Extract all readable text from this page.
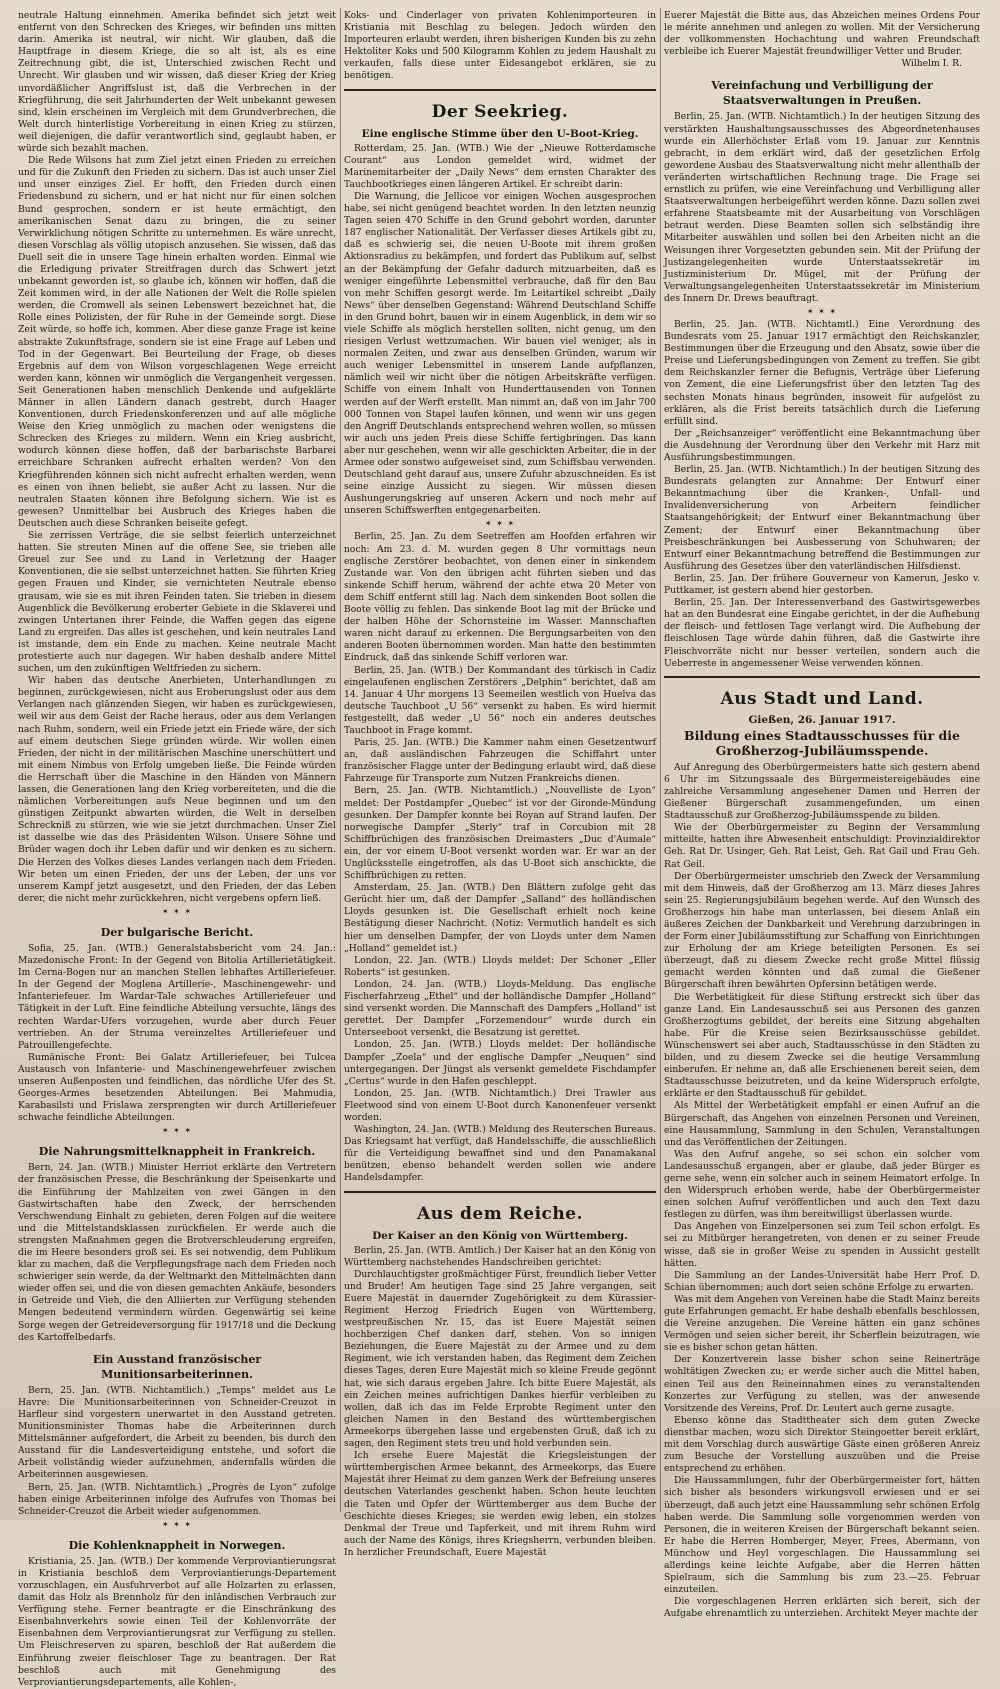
neutrale Haltung einnehmen. Amerika befindet sich jetzt weit entfernt von den Schrecken des Krieges, wir befinden uns mitten darin. Amerika ist neutral, wir nicht. Wir glauben, daß die Hauptfrage in diesem Kriege, die so alt ist, als es eine Zeitrechnung gibt, die ist, Unterschied zwischen Recht und Unrecht. Wir glauben und wir wissen, daß dieser Krieg der Krieg unvordäßlicher Angriffslust ist, daß die Verbrechen in der Kriegführung, die seit Jahrhunderten der Welt unbekannt gewesen sind, klein erscheinen im Vergleich mit dem Grundverbrechen, die Welt durch hinterlistige Vorbereitung in einen Krieg zu stürzen, weil diejenigen, die dafür verantwortlich sind, geglaubt haben, er würde sich bezahlt machen.

Die Rede Wilsons hat zum Ziel jetzt einen Frieden zu erreichen und für die Zukunft den Frieden zu sichern. Das ist auch unser Ziel und unser einziges Ziel. Er hofft, den Frieden durch einen Friedensbund zu sichern, und er hat nicht nur für einen solchen Bund gesprochen, sondern er ist heute ermächtigt, den amerikanischen Senat dazu zu bringen, die zu seiner Verwirklichung nötigen Schritte zu unternehmen. Es wäre unrecht, diesen Vorschlag als völlig utopisch anzusehen. Sie wissen, daß das Duell seit die in unsere Tage hinein erhalten worden. Einmal wie die Erledigung privater Streitfragen durch das Schwert jetzt unbekannt geworden ist, so glaube ich, können wir hoffen, daß die Zeit kommen wird, in der alle Nationen der Welt die Rolle spielen werden, die Cromwell als seinen Lebenswert bezeichnet hat, die Rolle eines Polizisten, der für Ruhe in der Gemeinde sorgt. Diese Zeit würde, so hoffe ich, kommen. Aber diese ganze Frage ist keine abstrakte Zukunftsfrage, sondern sie ist eine Frage auf Leben und Tod in der Gegenwart. Bei Beurteilung der Frage, ob dieses Ergebnis auf dem von Wilson vorgeschlagenen Wege erreicht werden kann, können wir unmöglich die Vergangenheit vergessen. Seit Generationen haben menschlich Denkende und aufgeklärte Männer in allen Ländern danach gestrebt, durch Haager Konventionen, durch Friedenskonferenzen und auf alle mögliche Weise den Krieg unmöglich zu machen oder wenigstens die Schrecken des Krieges zu mildern. Wenn ein Krieg ausbricht, wodurch können diese hoffen, daß der barbarischste Barbarei erreichbare Schranken aufrecht erhalten werden? Von den Kriegführenden können sich nicht aufrecht erhalten werden, wenn es einen von ihnen beliebt, sie außer Acht zu lassen. Nur die neutralen Staaten können ihre Befolgung sichern. Wie ist es gewesen? Unmittelbar bei Ausbruch des Krieges haben die Deutschen auch diese Schranken beiseite gefegt.

Sie zerrissen Verträge, die sie selbst feierlich unterzeichnet hatten. Sie streuten Minen auf die offene See, sie trieben alle Greuel zur See und zu Land in Verletzung der Haager Konventionen, die sie selbst unterzeichnet hatten. Sie führten Krieg gegen Frauen und Kinder, sie vernichteten Neutrale ebenso grausam, wie sie es mit ihren Feinden taten. Sie trieben in diesem Augenblick die Bevölkerung eroberter Gebiete in die Sklaverei und zwingen Untertanen ihrer Feinde, die Waffen gegen das eigene Land zu ergreifen. Das alles ist geschehen, und kein neutrales Land ist imstande, dem ein Ende zu machen. Keine neutrale Macht protestierte auch nur dagegen. Wir haben deshalb andere Mittel suchen, um den zukünftigen Weltfrieden zu sichern.

Wir haben das deutsche Anerbieten, Unterhandlungen zu beginnen, zurückgewiesen, nicht aus Eroberungslust oder aus dem Verlangen nach glänzenden Siegen, wir haben es zurückgewiesen, weil wir aus dem Geist der Rache heraus, oder aus dem Verlangen nach Ruhm, sondern, weil ein Friede jetzt ein Friede wäre, der sich auf einem deutschen Siege gründen würde. Wir wollen einen Frieden, der nicht in der militärischen Maschine unerschüttert und mit einem Nimbus von Erfolg umgeben ließe. Die Feinde würden die Herrschaft über die Maschine in den Händen von Männern lassen, die Generationen lang den Krieg vorbereiteten, und die die nämlichen Vorbereitungen aufs Neue beginnen und um den günstigen Zeitpunkt abwarten würden, die Welt in derselben Schreckniß zu stürzen, wie wie sie jetzt durchmachen. Unser Ziel ist dasselbe wie das des Präsidenten Wilson. Unsere Söhne und Brüder wagen doch ihr Leben dafür und wir denken es zu sichern. Die Herzen des Volkes dieses Landes verlangen nach dem Frieden. Wir beten um einen Frieden, der uns der Leben, der uns vor unserem Kampf jetzt ausgesetzt, und den Frieden, der das Leben derer, die nicht mehr zurückkehren, nicht vergebens opfern ließ.

✶ ✶ ✶
Der bulgarische Bericht.

Sofia, 25. Jan. (WTB.) Generalstabsbericht vom 24. Jan.: Mazedonische Front: In der Gegend von Bitolia Artillerietätigkeit. Im Cerna-Bogen nur an manchen Stellen lebhaftes Artilleriefeuer. In der Gegend der Moglena Artillerie-, Maschinengewehr- und Infanteriefeuer. Im Wardar-Tale schwaches Artilleriefeuer und Tätigkeit in der Luft. Eine feindliche Abteilung versuchte, längs des rechten Wardar-Ufers vorzugehen, wurde aber durch Feuer vertrieben. An der Struma vereinzeltes Artilleriefeuer und Patrouillengefechte.

Rumänische Front: Bei Galatz Artilleriefeuer, bei Tulcea Austausch von Infanterie- und Maschinengewehrfeuer zwischen unseren Außenposten und feindlichen, das nördliche Ufer des St. Georges-Armes besetzenden Abteilungen. Bei Mahmudia, Karabasilsti und Frislawa zersprengten wir durch Artilleriefeuer schwache feindliche Abteilungen.

✶ ✶ ✶
Die Nahrungsmittelknappheit in Frankreich.

Bern, 24. Jan. (WTB.) Minister Herriot erklärte den Vertretern der französischen Presse, die Beschränkung der Speisenkarte und die Einführung der Mahlzeiten von zwei Gängen in den Gastwirtschaften habe den Zweck, der herrschenden Verschwendung Einhalt zu gebieten, deren Folgen auf die weitere und die Mittelstandsklassen zurückfielen. Er werde auch die strengsten Maßnahmen gegen die Brotverschleuderung ergreifen, die im Heere besonders groß sei. Es sei notwendig, dem Publikum klar zu machen, daß die Verpflegungsfrage nach dem Frieden noch schwieriger sein werde, da der Weltmarkt den Mittelmächten dann wieder offen sei, und die von diesen gemachten Ankäufe, besonders in Getreide und Vieh, die den Alliierten zur Verfügung stehenden Mengen bedeutend vermindern würden. Gegenwärtig sei keine Sorge wegen der Getreideversorgung für 1917/18 und die Deckung des Kartoffelbedarfs.

Ein Ausstand französischer Munitionsarbeiterinnen.

Bern, 25. Jan. (WTB. Nichtamtlich.) „Temps“ meldet aus Le Havre: Die Munitionsarbeiterinnen von Schneider-Creuzot in Harfleur sind vorgestern unerwartet in den Ausstand getreten. Munitionsminister Thomas habe die Arbeiterinnen durch Mittelsmänner aufgefordert, die Arbeit zu beenden, bis durch den Ausstand für die Landesverteidigung entstehe, und sofort die Arbeit vollständig wieder aufzunehmen, andernfalls würden die Arbeiterinnen ausgewiesen.

Bern, 25. Jan. (WTB. Nichtamtlich.) „Progrès de Lyon“ zufolge haben einige Arbeiterinnen infolge des Aufrufes von Thomas bei Schneider-Creuzot die Arbeit wieder aufgenommen.

✶ ✶ ✶
Die Kohlenknappheit in Norwegen.

Kristiania, 25. Jan. (WTB.) Der kommende Verproviantierungsrat in Kristiania beschloß dem Verproviantierungs-Departement vorzuschlagen, ein Ausfuhrverbot auf alle Holzarten zu erlassen, damit das Holz als Brennholz für den inländischen Verbrauch zur Verfügung stehe. Ferner beantragte er die Einschränkung des Eisenbahnverkehrs sowie einen Teil der Kohlenvorräte der Eisenbahnen dem Verproviantierungsrat zur Verfügung zu stellen. Um Fleischreserven zu sparen, beschloß der Rat außerdem die Einführung zweier fleischloser Tage zu beantragen. Der Rat beschloß auch mit Genehmigung des Verproviantierungsdepartements, alle Kohlen-,

Koks- und Cinderlager von privaten Kohlenimporteuren in Kristiania mit Beschlag zu belegen. Jedoch würden den Importeuren erlaubt werden, ihren bisherigen Kunden bis zu zehn Hektoliter Koks und 500 Kilogramm Kohlen zu jedem Haushalt zu verkaufen, falls diese unter Eidesangebot erklären, sie zu benötigen.

Der Seekrieg.
Eine englische Stimme über den U-Boot-Krieg.

Rotterdam, 25. Jan. (WTB.) Wie der „Nieuwe Rotterdamsche Courant“ aus London gemeldet wird, widmet der Marinemitarbeiter der „Daily News“ dem ernsten Charakter des Tauchbootkrieges einen längeren Artikel. Er schreibt darin:

Die Warnung, die Jellicoe vor einigen Wochen ausgesprochen habe, sei nicht genügend beachtet worden. In den letzten neunzig Tagen seien 470 Schiffe in den Grund gebohrt worden, darunter 187 englischer Nationalität. Der Verfasser dieses Artikels gibt zu, daß es schwierig sei, die neuen U-Boote mit ihrem großen Aktionsradius zu bekämpfen, und fordert das Publikum auf, selbst an der Bekämpfung der Gefahr dadurch mitzuarbeiten, daß es weniger eingeführte Lebensmittel verbrauche, daß für den Bau von mehr Schiffen gesorgt werde. Im Leitartikel schreibt „Daily News“ über denselben Gegenstand: Während Deutschland Schiffe in den Grund bohrt, bauen wir in einem Augenblick, in dem wir so viele Schiffe als möglich herstellen sollten, nicht genug, um den riesigen Verlust wettzumachen. Wir bauen viel weniger, als in normalen Zeiten, und zwar aus denselben Gründen, warum wir auch weniger Lebensmittel in unserem Lande aufpflanzen, nämlich weil wir nicht über die nötigen Arbeitskräfte verfügen. Schiffe von einem Inhalt von Hunderttausenden von Tonnen werden auf der Werft erstellt. Man nimmt an, daß von im Jahr 700 000 Tonnen von Stapel laufen können, und wenn wir uns gegen den Angriff Deutschlands entsprechend wehren wollen, so müssen wir auch uns jeden Preis diese Schiffe fertigbringen. Das kann aber nur geschehen, wenn wir alle geschickten Arbeiter, die in der Armee oder sonstwo aufgeweiset sind, zum Schiffsbau verwenden. Deutschland geht darauf aus, unsere Zufuhr abzuschneiden. Es ist seine einzige Aussicht zu siegen. Wir müssen diesen Aushungerungskrieg auf unseren Ackern und noch mehr auf unseren Schiffswerften entgegenarbeiten.

✶ ✶ ✶

Berlin, 25. Jan. Zu dem Seetreffen am Hoofden erfahren wir noch: Am 23. d. M. wurden gegen 8 Uhr vormittags neun englische Zerstörer beobachtet, von denen einer in sinkendem Zustande war. Von den übrigen acht führten sieben und das sinkende Schiff herum, während der achte etwa 20 Meter von dem Schiff entfernt still lag. Nach dem sinkenden Boot sollen die Boote völlig zu fehlen. Das sinkende Boot lag mit der Brücke und der halben Höhe der Schornsteine im Wasser. Mannschaften waren nicht darauf zu erkennen. Die Bergungsarbeiten von den anderen Booten übernommen worden. Man hatte den bestimmten Eindruck, daß das sinkende Schiff verloren war.

Berlin, 25. Jan. (WTB.) Der Kommandant des türkisch in Cadiz eingelaufenen englischen Zerstörers „Delphin“ berichtet, daß am 14. Januar 4 Uhr morgens 13 Seemeilen westlich von Huelva das deutsche Tauchboot „U 56“ versenkt zu haben. Es wird hiermit festgestellt, daß weder „U 56“ noch ein anderes deutsches Tauchboot in Frage kommt.

Paris, 25. Jan. (WTB.) Die Kammer nahm einen Gesetzentwurf an, daß ausländischen Fahrzeugen die Schiffahrt unter französischer Flagge unter der Bedingung erlaubt wird, daß diese Fahrzeuge für Transporte zum Nutzen Frankreichs dienen.

Bern, 25. Jan. (WTB. Nichtamtlich.) „Nouvelliste de Lyon“ meldet: Der Postdampfer „Quebec“ ist vor der Gironde-Mündung gesunken. Der Dampfer konnte bei Royan auf Strand laufen. Der norwegische Dampfer „Sterly“ traf in Corcubion mit 28 Schiffbrüchigen des französischen Dreimasters „Duc d'Aumale“ ein, der vor einem U-Boot versenkt worden war. Er war an der Unglücksstelle eingetroffen, als das U-Boot sich anschickte, die Schiffbrüchigen zu retten.

Amsterdam, 25. Jan. (WTB.) Den Blättern zufolge geht das Gerücht hier um, daß der Dampfer „Salland“ des holländischen Lloyds gesunken ist. Die Gesellschaft erhielt noch keine Bestätigung dieser Nachricht. (Notiz: Vermutlich handelt es sich hier um denselben Dampfer, der von Lloyds unter dem Namen „Holland“ gemeldet ist.)

London, 22. Jan. (WTB.) Lloyds meldet: Der Schoner „Eller Roberts“ ist gesunken.

London, 24. Jan. (WTB.) Lloyds-Meldung. Das englische Fischerfahrzeug „Ethel“ und der holländische Dampfer „Holland“ sind versenkt worden. Die Mannschaft des Dampfers „Holland“ ist gerettet. Der Dampfer „Forzemendour“ wurde durch ein Unterseeboot versenkt, die Besatzung ist gerettet.

London, 25. Jan. (WTB.) Lloyds meldet: Der holländische Dampfer „Zoela“ und der englische Dampfer „Neuquen“ sind untergegangen. Der Jüngst als versenkt gemeldete Fischdampfer „Certus“ wurde in den Hafen geschleppt.

London, 25. Jan. (WTB. Nichtamtlich.) Drei Trawler aus Fleetwood sind von einem U-Boot durch Kanonenfeuer versenkt worden.

Washington, 24. Jan. (WTB.) Meldung des Reuterschen Bureaus. Das Kriegsamt hat verfügt, daß Handelsschiffe, die ausschließlich für die Verteidigung bewaffnet sind und den Panamakanal benützen, ebenso behandelt werden sollen wie andere Handelsdampfer.

Aus dem Reiche.
Der Kaiser an den König von Württemberg.

Berlin, 25. Jan. (WTB. Amtlich.) Der Kaiser hat an den König von Württemberg nachstehendes Handschreiben gerichtet:

Durchlauchtigster großmächtiger Fürst, freundlich lieber Vetter und Bruder! Am heutigen Tage sind 25 Jahre vergangen, seit Euere Majestät in dauernder Zugehörigkeit zu dem Kürassier-Regiment Herzog Friedrich Eugen von Württemberg, westpreußischen Nr. 15, das ist Euere Majestät seinen hochberzigen Chef danken darf, stehen. Von so innigen Beziehungen, die Euere Majestät zu der Armee und zu dem Regiment, wie ich verstanden haben, das Regiment dem Zeichen dieses Tages, deren Eure Majestät mich so kleine Freude gegönnt hat, wie sich daraus ergeben Jahre. Ich bitte Euere Majestät, als ein Zeichen meines aufrichtigen Dankes hierfür verbleiben zu wollen, daß ich das im Felde Erprobte Regiment unter den gleichen Namen in den Bestand des württembergischen Armeekorps übergehen lasse und ergebensten Gruß, daß ich zu sagen, den Regiment stets treu und hold verbunden sein.

Ich ersehe Euere Majestät die Kriegsleistungen der württembergischen Armee bekannt, des Armeekorps, das Euere Majestät ihrer Heimat zu dem ganzen Werk der Befreiung unseres deutschen Vaterlandes geschenkt haben. Schon heute leuchten die Taten und Opfer der Württemberger aus dem Buche der Geschichte dieses Krieges; sie werden ewig leben, ein stolzes Denkmal der Treue und Tapferkeit, und mit ihrem Ruhm wird auch der Name des Königs, ihres Kriegsherrn, verbunden bleiben. In herzlicher Freundschaft, Euere Majestät

Euerer Majestät die Bitte aus, das Abzeichen meines Ordens Pour le mérite annehmen und anlegen zu wollen. Mit der Versicherung der vollkommensten Hochachtung und wahren Freundschaft verbleibe ich Euerer Majestät freundwilliger Vetter und Bruder.

Wilhelm I. R.
Vereinfachung und Verbilligung der Staatsverwaltungen in Preußen.

Berlin, 25. Jan. (WTB. Nichtamtlich.) In der heutigen Sitzung des verstärkten Haushaltungsausschusses des Abgeordnetenhauses wurde ein Allerhöchster Erlaß vom 19. Januar zur Kenntnis gebracht, in dem erklärt wird, daß der gesetzlichen Erfolg gewordene Ausbau des Staatsverwaltung nicht mehr allenthalb der veränderten wirtschaftlichen Rechnung trage. Die Frage sei ernstlich zu prüfen, wie eine Vereinfachung und Verbilligung aller Staatsverwaltungen herbeigeführt werden könne. Dazu sollen zwei erfahrene Staatsbeamte mit der Ausarbeitung von Vorschlägen betraut werden. Diese Beamten sollen sich selbständig ihre Mitarbeiter auswählen und sollen bei den Arbeiten nicht an die Weisungen ihrer Vorgesetzten gebunden sein. Mit der Prüfung der Justizangelegenheiten wurde Unterstaatssekretär im Justizministerium Dr. Mügel, mit der Prüfung der Verwaltungsangelegenheiten Unterstaatssekretär im Ministerium des Innern Dr. Drews beauftragt.

✶ ✶ ✶

Berlin, 25. Jan. (WTB. Nichtamtl.) Eine Verordnung des Bundesrats vom 25. Januar 1917 ermächtigt den Reichskanzler, Bestimmungen über die Erzeugung und den Absatz, sowie über die Preise und Lieferungsbedingungen von Zement zu treffen. Sie gibt dem Reichskanzler ferner die Befugnis, Verträge über Lieferung von Zement, die eine Lieferungsfrist über den letzten Tag des sechsten Monats hinaus begründen, insoweit für aufgelöst zu erklären, als die Frist bereits tatsächlich durch die Lieferung erfüllt sind.

Der „Reichsanzeiger“ veröffentlicht eine Bekanntmachung über die Ausdehnung der Verordnung über den Verkehr mit Harz mit Ausführungsbestimmungen.

Berlin, 25. Jan. (WTB. Nichtamtlich.) In der heutigen Sitzung des Bundesrats gelangten zur Annahme: Der Entwurf einer Bekanntmachung über die Kranken-, Unfall- und Invalidenversicherung von Arbeitern feindlicher Staatsangehörigkeit; der Entwurf einer Bekanntmachung über Zement; der Entwurf einer Bekanntmachung über Preisbeschränkungen bei Ausbesserung von Schuhwaren; der Entwurf einer Bekanntmachung betreffend die Bestimmungen zur Ausführung des Gesetzes über den vaterländischen Hilfsdienst.

Berlin, 25. Jan. Der frühere Gouverneur von Kamerun, Jesko v. Puttkamer, ist gestern abend hier gestorben.

Berlin, 25. Jan. Der Interessenverband des Gastwirtsgewerbes hat an den Bundesrat eine Eingabe gerichtet, in der die Aufhebung der fleisch- und fettlosen Tage verlangt wird. Die Aufhebung der fleischlosen Tage würde dahin führen, daß die Gastwirte ihre Fleischvorräte nicht nur besser verteilen, sondern auch die Ueberreste in angemessener Weise verwenden können.

Aus Stadt und Land.
Gießen, 26. Januar 1917.
Bildung eines Stadtausschusses für die Großherzog-Jubiläumsspende.

Auf Anregung des Oberbürgermeisters hatte sich gestern abend 6 Uhr im Sitzungssaale des Bürgermeistereigebäudes eine zahlreiche Versammlung angesehener Damen und Herren der Gießener Bürgerschaft zusammengefunden, um einen Stadtausschuß zur Großherzog-Jubiläumsspende zu bilden.

Wie der Oberbürgermeister zu Beginn der Versammlung mitteilte, hatten ihre Abwesenheit entschuldigt: Provinzialdirektor Geh. Rat Dr. Usinger, Geh. Rat Leist, Geh. Rat Gail und Frau Geh. Rat Geil.

Der Oberbürgermeister umschrieb den Zweck der Versammlung mit dem Hinweis, daß der Großherzog am 13. März dieses Jahres sein 25. Regierungsjubiläum begehen werde. Auf den Wunsch des Großherzogs hin habe man unterlassen, bei diesem Anlaß ein äußeres Zeichen der Dankbarkeit und Verehrung darzubringen in der Form einer Jubiläumsstiftung zur Schaffung von Einrichtungen zur Erholung der am Kriege beteiligten Personen. Es sei überzeugt, daß zu diesem Zwecke recht große Mittel flüssig gemacht werden könnten und daß zumal die Gießener Bürgerschaft ihren bewährten Opfersinn betätigen werde.

Die Werbetätigkeit für diese Stiftung erstreckt sich über das ganze Land. Ein Landesausschuß sei aus Personen des ganzen Großherzogtums gebildet, der bereits eine Sitzung abgehalten habe. Für die Kreise seien Bezirksausschüsse gebildet. Wünschenswert sei aber auch, Stadtausschüsse in den Städten zu bilden, und zu diesem Zwecke sei die heutige Versammlung einberufen. Er nehme an, daß alle Erschienenen bereit seien, dem Stadtausschusse beizutreten, und da keine Widerspruch erfolgte, erklärte er den Stadtausschuß für gebildet.

Als Mittel der Werbetätigkeit empfahl er einen Aufruf an die Bürgerschaft, das Angehen von einzelnen Personen und Vereinen, eine Hausammlung, Sammlung in den Schulen, Veranstaltungen und das Veröffentlichen der Zeitungen.

Was den Aufruf angehe, so sei schon ein solcher vom Landesausschuß ergangen, aber er glaube, daß jeder Bürger es gerne sehe, wenn ein solcher auch in seinem Heimatort erfolge. In den Widerspruch erhoben werde, habe der Oberbürgermeister einen solchen Aufruf veröffentlichen und auch den Text dazu festlegen zu dürfen, was ihm bereitwilligst überlassen wurde.

Das Angehen von Einzelpersonen sei zum Teil schon erfolgt. Es sei zu Mitbürger herangetreten, von denen er zu seiner Freude wisse, daß sie in großer Weise zu spenden in Aussicht gestellt hätten.

Die Sammlung an der Landes-Universität habe Herr Prof. D. Schian übernommen; auch dort seien schöne Erfolge zu erwarten.

Was mit dem Angehen von Vereinen habe die Stadt Mainz bereits gute Erfahrungen gemacht. Er habe deshalb ebenfalls beschlossen, die Vereine anzugehen. Die Vereine hätten ein ganz schönes Vermögen und seien sicher bereit, ihr Scherflein beizutragen, wie sie es bisher schon getan hätten.

Der Konzertverein lasse bisher schon seine Reinerträge wohltätigen Zwecken zu; er werde sicher auch die Mittel haben, einen Teil aus den Reineinnahmen eines zu veranstaltenden Konzertes zur Verfügung zu stellen, was der anwesende Vorsitzende des Vereins, Prof. Dr. Leutert auch gerne zusagte.

Ebenso könne das Stadttheater sich dem guten Zwecke dienstbar machen, wozu sich Direktor Steingoetter bereit erklärt, mit dem Vorschlag durch auswärtige Gäste einen größeren Anreiz zum Besuche der Vorstellung auszuüben und die Preise entsprechend zu erhöhen.

Die Haussammlungen, fuhr der Oberbürgermeister fort, hätten sich bisher als besonders wirkungsvoll erwiesen und er sei überzeugt, daß auch jetzt eine Haussammlung sehr schönen Erfolg haben werde. Die Sammlung solle vorgenommen werden von Personen, die in weiteren Kreisen der Bürgerschaft bekannt seien. Er habe die Herren Homberger, Meyer, Frees, Abermann, von Münchow und Heyl vorgeschlagen. Die Haussammlung sei allerdings keine leichte Aufgabe, aber die Herren hätten Spielraum, sich die Sammlung bis zum 23.—25. Februar einzuteilen.

Die vorgeschlagenen Herren erklärten sich bereit, sich der Aufgabe ehrenamtlich zu unterziehen. Architekt Meyer machte der
